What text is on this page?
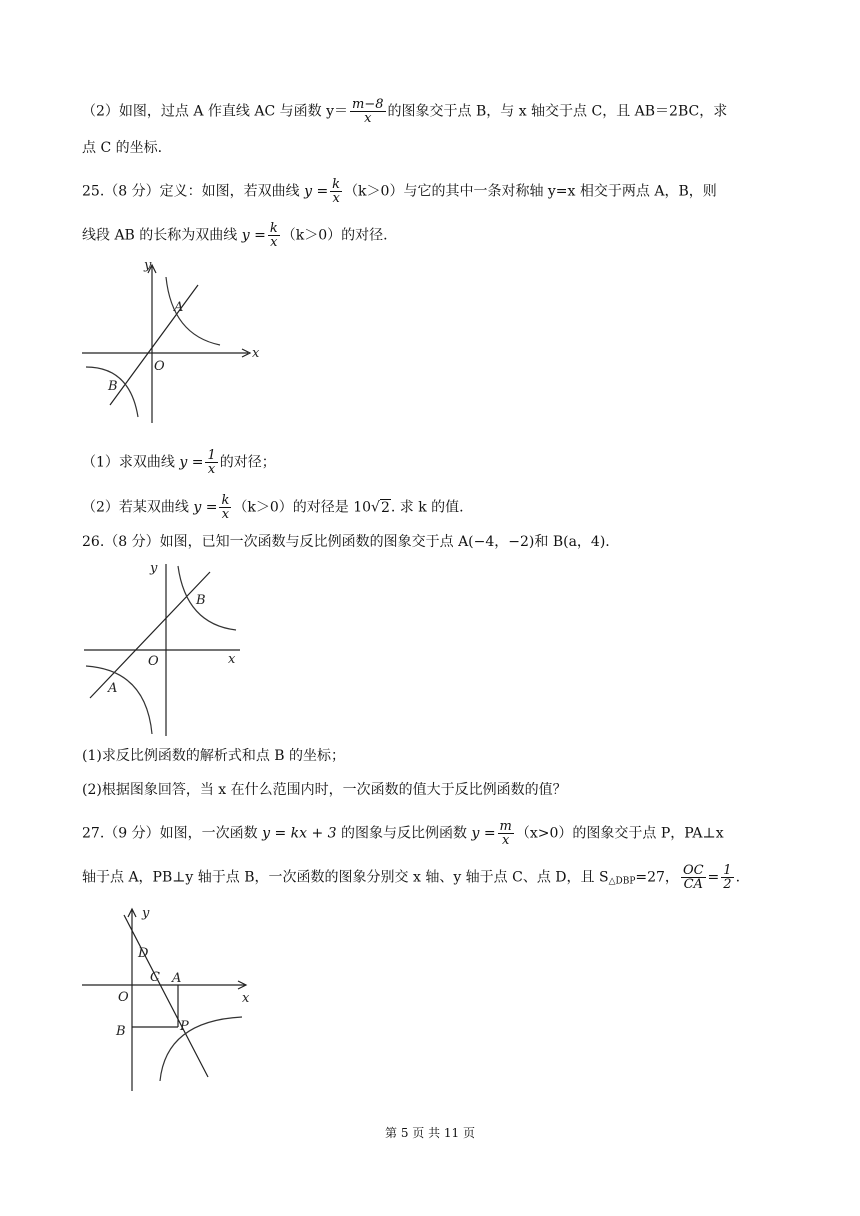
（2）如图，过点 A 作直线 AC 与函数 $y= \frac{m-8}{x}$ 的图象交于点 B，与 x 轴交于点 C，且 AB＝2BC，求
点 C 的坐标.
25.（8 分）定义：如图，若双曲线 $y = \frac{k}{x} (k>0)$与它的其中一条对称轴 y=x 相交于两点 A，B，则
线段 AB 的长称为双曲线 $y = \frac{k}{x} (k>0)$的对径.
y
x
O
A
B
（1）求双曲线 $y = \frac{1}{x}$ 的对径；
（2）若某双曲线 $y = \frac{k}{x} (k>0)$的对径是 10√2. 求 k 的值.
26.（8 分）如图，已知一次函数与反比例函数的图象交于点 A(−4，−2)和 B(a，4).
y
x
O
A
B
(1)求反比例函数的解析式和点 B 的坐标；
(2)根据图象回答，当 x 在什么范围内时，一次函数的值大于反比例函数的值？
27.（9 分）如图，一次函数 y = kx + 3 的图象与反比例函数 $y = \frac{m}{x} (x>0)$的图象交于点 P，PA⊥x
轴于点 A，PB⊥y 轴于点 B，一次函数的图象分别交 x 轴、y 轴于点 C、点 D，且 $S_{\triangle DBP}=27$， $\frac{OC}{CA} = \frac{1}{2}$ .
y
x
O
D
C A
B	P
第 5 页 共 11 页
